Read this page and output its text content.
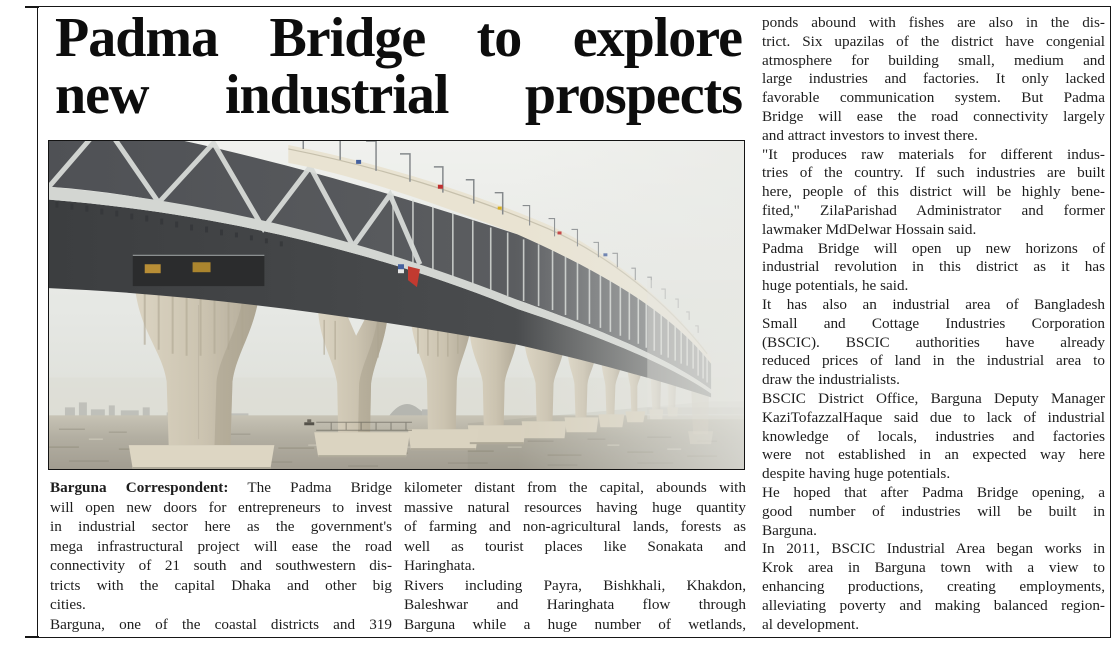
Padma Bridge to explore
new industrial prospects
Barguna Correspondent: The Padma Bridge
will open new doors for entrepreneurs to invest
in industrial sector here as the government's
mega infrastructural project will ease the road
connectivity of 21 south and southwestern dis-
tricts with the capital Dhaka and other big
cities.
Barguna, one of the coastal districts and 319
kilometer distant from the capital, abounds with
massive natural resources having huge quantity
of farming and non-agricultural lands, forests as
well as tourist places like Sonakata and
Haringhata.
Rivers including Payra, Bishkhali, Khakdon,
Baleshwar and Haringhata flow through
Barguna while a huge number of wetlands,
ponds abound with fishes are also in the dis-
trict. Six upazilas of the district have congenial
atmosphere for building small, medium and
large industries and factories. It only lacked
favorable communication system. But Padma
Bridge will ease the road connectivity largely
and attract investors to invest there.
"It produces raw materials for different indus-
tries of the country. If such industries are built
here, people of this district will be highly bene-
fited," ZilaParishad Administrator and former
lawmaker MdDelwar Hossain said.
Padma Bridge will open up new horizons of
industrial revolution in this district as it has
huge potentials, he said.
It has also an industrial area of Bangladesh
Small and Cottage Industries Corporation
(BSCIC). BSCIC authorities have already
reduced prices of land in the industrial area to
draw the industrialists.
BSCIC District Office, Barguna Deputy Manager
KaziTofazzalHaque said due to lack of industrial
knowledge of locals, industries and factories
were not established in an expected way here
despite having huge potentials.
He hoped that after Padma Bridge opening, a
good number of industries will be built in
Barguna.
In 2011, BSCIC Industrial Area began works in
Krok area in Barguna town with a view to
enhancing productions, creating employments,
alleviating poverty and making balanced region-
al development.
